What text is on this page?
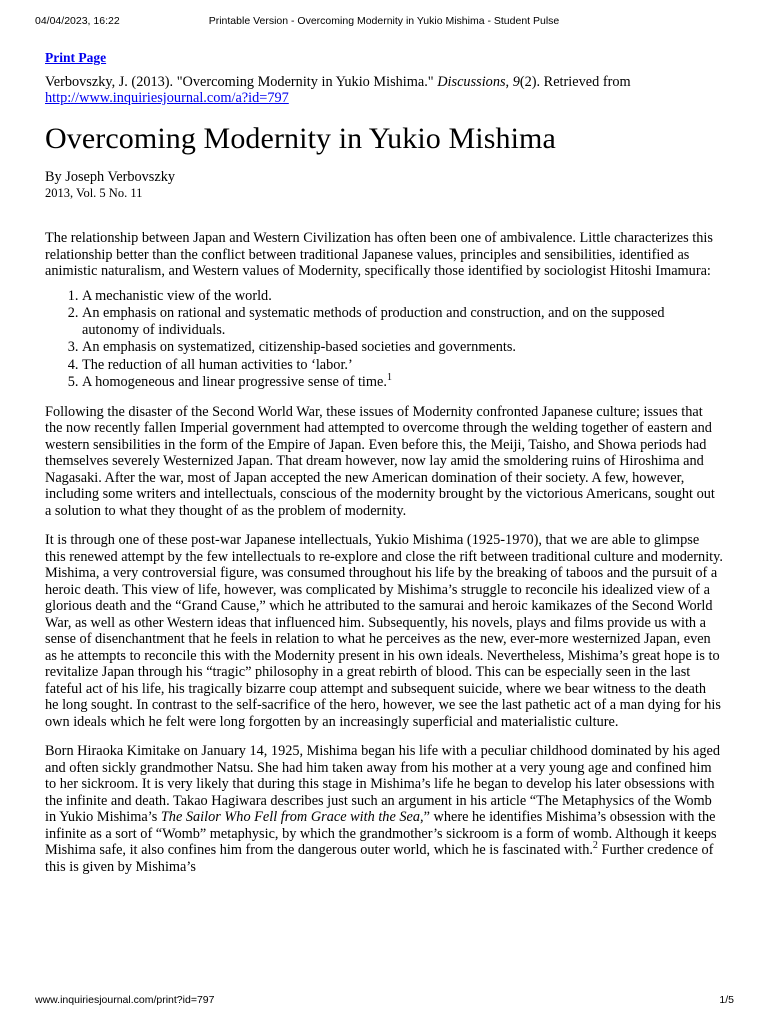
04/04/2023, 16:22	Printable Version - Overcoming Modernity in Yukio Mishima - Student Pulse
Print Page
Verbovszky, J. (2013). "Overcoming Modernity in Yukio Mishima." Discussions, 9(2). Retrieved from
http://www.inquiriesjournal.com/a?id=797
Overcoming Modernity in Yukio Mishima
By Joseph Verbovszky
2013, Vol. 5 No. 11

The relationship between Japan and Western Civilization has often been one of ambivalence. Little characterizes this relationship better than the conflict between traditional Japanese values, principles and sensibilities, identified as animistic naturalism, and Western values of Modernity, specifically those identified by sociologist Hitoshi Imamura:

1. A mechanistic view of the world.
2. An emphasis on rational and systematic methods of production and construction, and on the supposed autonomy of individuals.
3. An emphasis on systematized, citizenship-based societies and governments.
4. The reduction of all human activities to ‘labor.’
5. A homogeneous and linear progressive sense of time.$^1$

Following the disaster of the Second World War, these issues of Modernity confronted Japanese culture; issues that the now recently fallen Imperial government had attempted to overcome through the welding together of eastern and western sensibilities in the form of the Empire of Japan. Even before this, the Meiji, Taisho, and Showa periods had themselves severely Westernized Japan. That dream however, now lay amid the smoldering ruins of Hiroshima and Nagasaki. After the war, most of Japan accepted the new American domination of their society. A few, however, including some writers and intellectuals, conscious of the modernity brought by the victorious Americans, sought out a solution to what they thought of as the problem of modernity.

It is through one of these post-war Japanese intellectuals, Yukio Mishima (1925-1970), that we are able to glimpse this renewed attempt by the few intellectuals to re-explore and close the rift between traditional culture and modernity. Mishima, a very controversial figure, was consumed throughout his life by the breaking of taboos and the pursuit of a heroic death. This view of life, however, was complicated by Mishima’s struggle to reconcile his idealized view of a glorious death and the “Grand Cause,” which he attributed to the samurai and heroic kamikazes of the Second World War, as well as other Western ideas that influenced him. Subsequently, his novels, plays and films provide us with a sense of disenchantment that he feels in relation to what he perceives as the new, ever-more westernized Japan, even as he attempts to reconcile this with the Modernity present in his own ideals. Nevertheless, Mishima’s great hope is to revitalize Japan through his “tragic” philosophy in a great rebirth of blood. This can be especially seen in the last fateful act of his life, his tragically bizarre coup attempt and subsequent suicide, where we bear witness to the death he long sought. In contrast to the self-sacrifice of the hero, however, we see the last pathetic act of a man dying for his own ideals which he felt were long forgotten by an increasingly superficial and materialistic culture.

Born Hiraoka Kimitake on January 14, 1925, Mishima began his life with a peculiar childhood dominated by his aged and often sickly grandmother Natsu. She had him taken away from his mother at a very young age and confined him to her sickroom. It is very likely that during this stage in Mishima’s life he began to develop his later obsessions with the infinite and death. Takao Hagiwara describes just such an argument in his article “The Metaphysics of the Womb in Yukio Mishima’s The Sailor Who Fell from Grace with the Sea,” where he identifies Mishima’s obsession with the infinite as a sort of “Womb” metaphysic, by which the grandmother’s sickroom is a form of womb. Although it keeps Mishima safe, it also confines him from the dangerous outer world, which he is fascinated with.$^2$ Further credence of this is given by Mishima’s

www.inquiriesjournal.com/print?id=797	1/5
